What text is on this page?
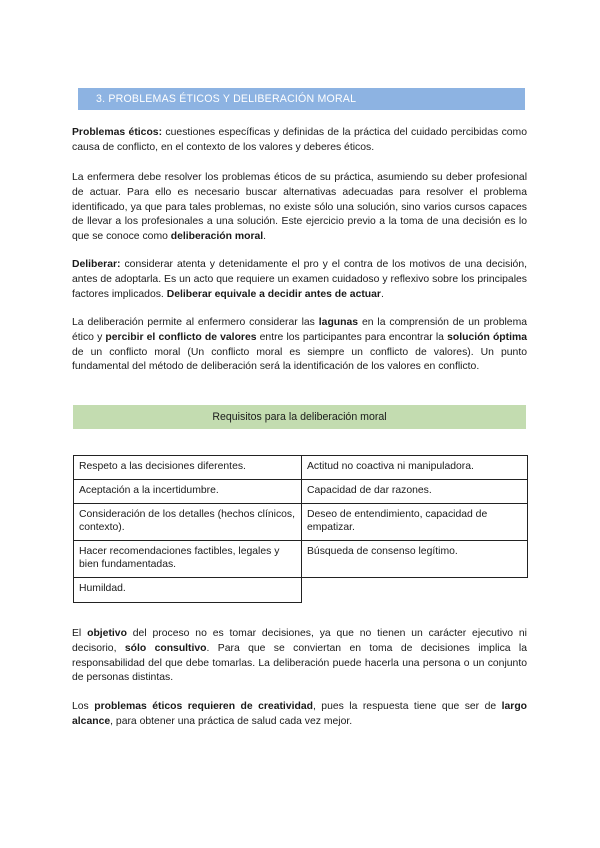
3. PROBLEMAS ÉTICOS Y DELIBERACIÓN MORAL

Problemas éticos: cuestiones específicas y definidas de la práctica del cuidado percibidas como causa de conflicto, en el contexto de los valores y deberes éticos.

La enfermera debe resolver los problemas éticos de su práctica, asumiendo su deber profesional de actuar. Para ello es necesario buscar alternativas adecuadas para resolver el problema identificado, ya que para tales problemas, no existe sólo una solución, sino varios cursos capaces de llevar a los profesionales a una solución. Este ejercicio previo a la toma de una decisión es lo que se conoce como deliberación moral.

Deliberar: considerar atenta y detenidamente el pro y el contra de los motivos de una decisión, antes de adoptarla. Es un acto que requiere un examen cuidadoso y reflexivo sobre los principales factores implicados. Deliberar equivale a decidir antes de actuar.

La deliberación permite al enfermero considerar las lagunas en la comprensión de un problema ético y percibir el conflicto de valores entre los participantes para encontrar la solución óptima de un conflicto moral (Un conflicto moral es siempre un conflicto de valores). Un punto fundamental del método de deliberación será la identificación de los valores en conflicto.

Requisitos para la deliberación moral
Respeto a las decisiones diferentes.	Actitud no coactiva ni manipuladora.
Aceptación a la incertidumbre.	Capacidad de dar razones.
Consideración de los detalles (hechos clínicos, contexto).	Deseo de entendimiento, capacidad de empatizar.
Hacer recomendaciones factibles, legales y bien fundamentadas.	Búsqueda de consenso legítimo.
Humildad.	

El objetivo del proceso no es tomar decisiones, ya que no tienen un carácter ejecutivo ni decisorio, sólo consultivo. Para que se conviertan en toma de decisiones implica la responsabilidad del que debe tomarlas. La deliberación puede hacerla una persona o un conjunto de personas distintas.

Los problemas éticos requieren de creatividad, pues la respuesta tiene que ser de largo alcance, para obtener una práctica de salud cada vez mejor.
